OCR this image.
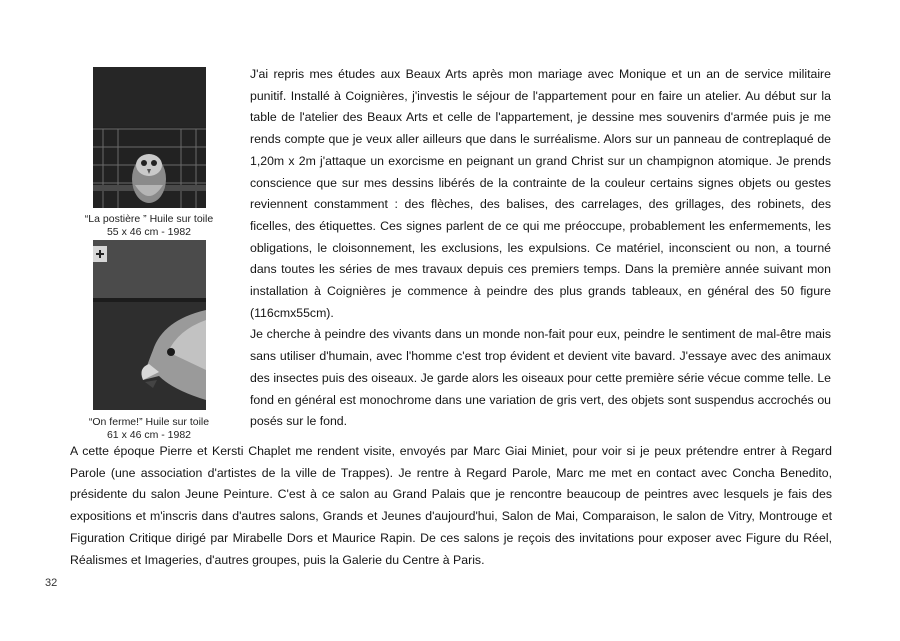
“La postière ” Huile sur toile
55 x 46 cm - 1982
“On ferme!” Huile sur toile
61 x 46 cm - 1982
J'ai repris mes études aux Beaux Arts après mon mariage avec Monique et un an de service militaire punitif. Installé à Coignières, j'investis le séjour de l'appartement pour en faire un atelier. Au début sur la table de l'atelier des Beaux Arts et celle de l'appartement, je dessine mes souvenirs d'armée puis je me rends compte que je veux aller ailleurs que dans le surréalisme. Alors sur un panneau de contreplaqué de 1,20m x 2m j'attaque un exorcisme en peignant un grand Christ sur un champignon atomique. Je prends conscience que sur mes dessins libérés de la contrainte de la couleur certains signes objets ou gestes reviennent constamment : des flèches, des balises, des carrelages, des grillages, des robinets, des ficelles, des étiquettes. Ces signes parlent de ce qui me préoccupe, probablement les enfermements, les obligations, le cloisonnement, les exclusions, les expulsions. Ce matériel, inconscient ou non, a tourné dans toutes les séries de mes travaux depuis ces premiers temps. Dans la première année suivant mon installation à Coignières je commence à peindre des plus grands tableaux, en général des 50 figure (116cmx55cm).
Je cherche à peindre des vivants dans un monde non-fait pour eux, peindre le sentiment de mal-être mais sans utiliser d'humain, avec l'homme c'est trop évident et devient vite bavard. J'essaye avec des animaux des insectes puis des oiseaux. Je garde alors les oiseaux pour cette première série vécue comme telle. Le fond en général est monochrome dans une variation de gris vert, des objets sont suspendus accrochés ou posés sur le fond.

A cette époque Pierre et Kersti Chaplet me rendent visite, envoyés par Marc Giai Miniet, pour voir si je peux prétendre entrer à Regard Parole (une association d'artistes de la ville de Trappes). Je rentre à Regard Parole, Marc me met en contact avec Concha Benedito, présidente du salon Jeune Peinture. C'est à ce salon au Grand Palais que je rencontre beaucoup de peintres avec lesquels je fais des expositions et m'inscris dans d'autres salons, Grands et Jeunes d'aujourd'hui, Salon de Mai, Comparaison, le salon de Vitry, Montrouge et Figuration Critique dirigé par Mirabelle Dors et Maurice Rapin. De ces salons je reçois des invitations pour exposer avec Figure du Réel, Réalismes et Imageries, d'autres groupes, puis la Galerie du Centre à Paris.

32
